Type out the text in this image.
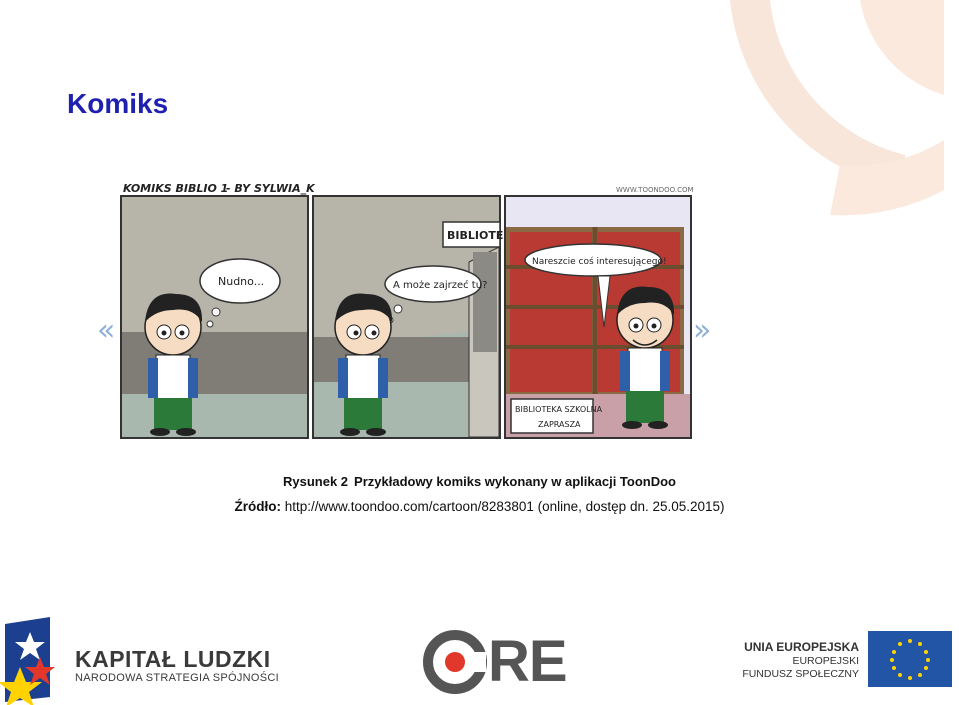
Komiks
KOMIKS BIBLIO 1
- BY SYLWIA_K	WWW.TOONDOO.COM
Nudno...
BIBLIOTE
A może zajrzeć tu?
Nareszcie coś interesującego!
BIBLIOTEKA SZKOLNA
ZAPRASZA
«	»
Rysunek 2 Przykładowy komiks wykonany w aplikacji ToonDoo
Źródło: http://www.toondoo.com/cartoon/8283801 (online, dostęp dn. 25.05.2015)
KAPITAŁ LUDZKI
NARODOWA STRATEGIA SPÓJNOŚCI	RE	UNIA EUROPEJSKA
EUROPEJSKI
FUNDUSZ SPOŁECZNY
